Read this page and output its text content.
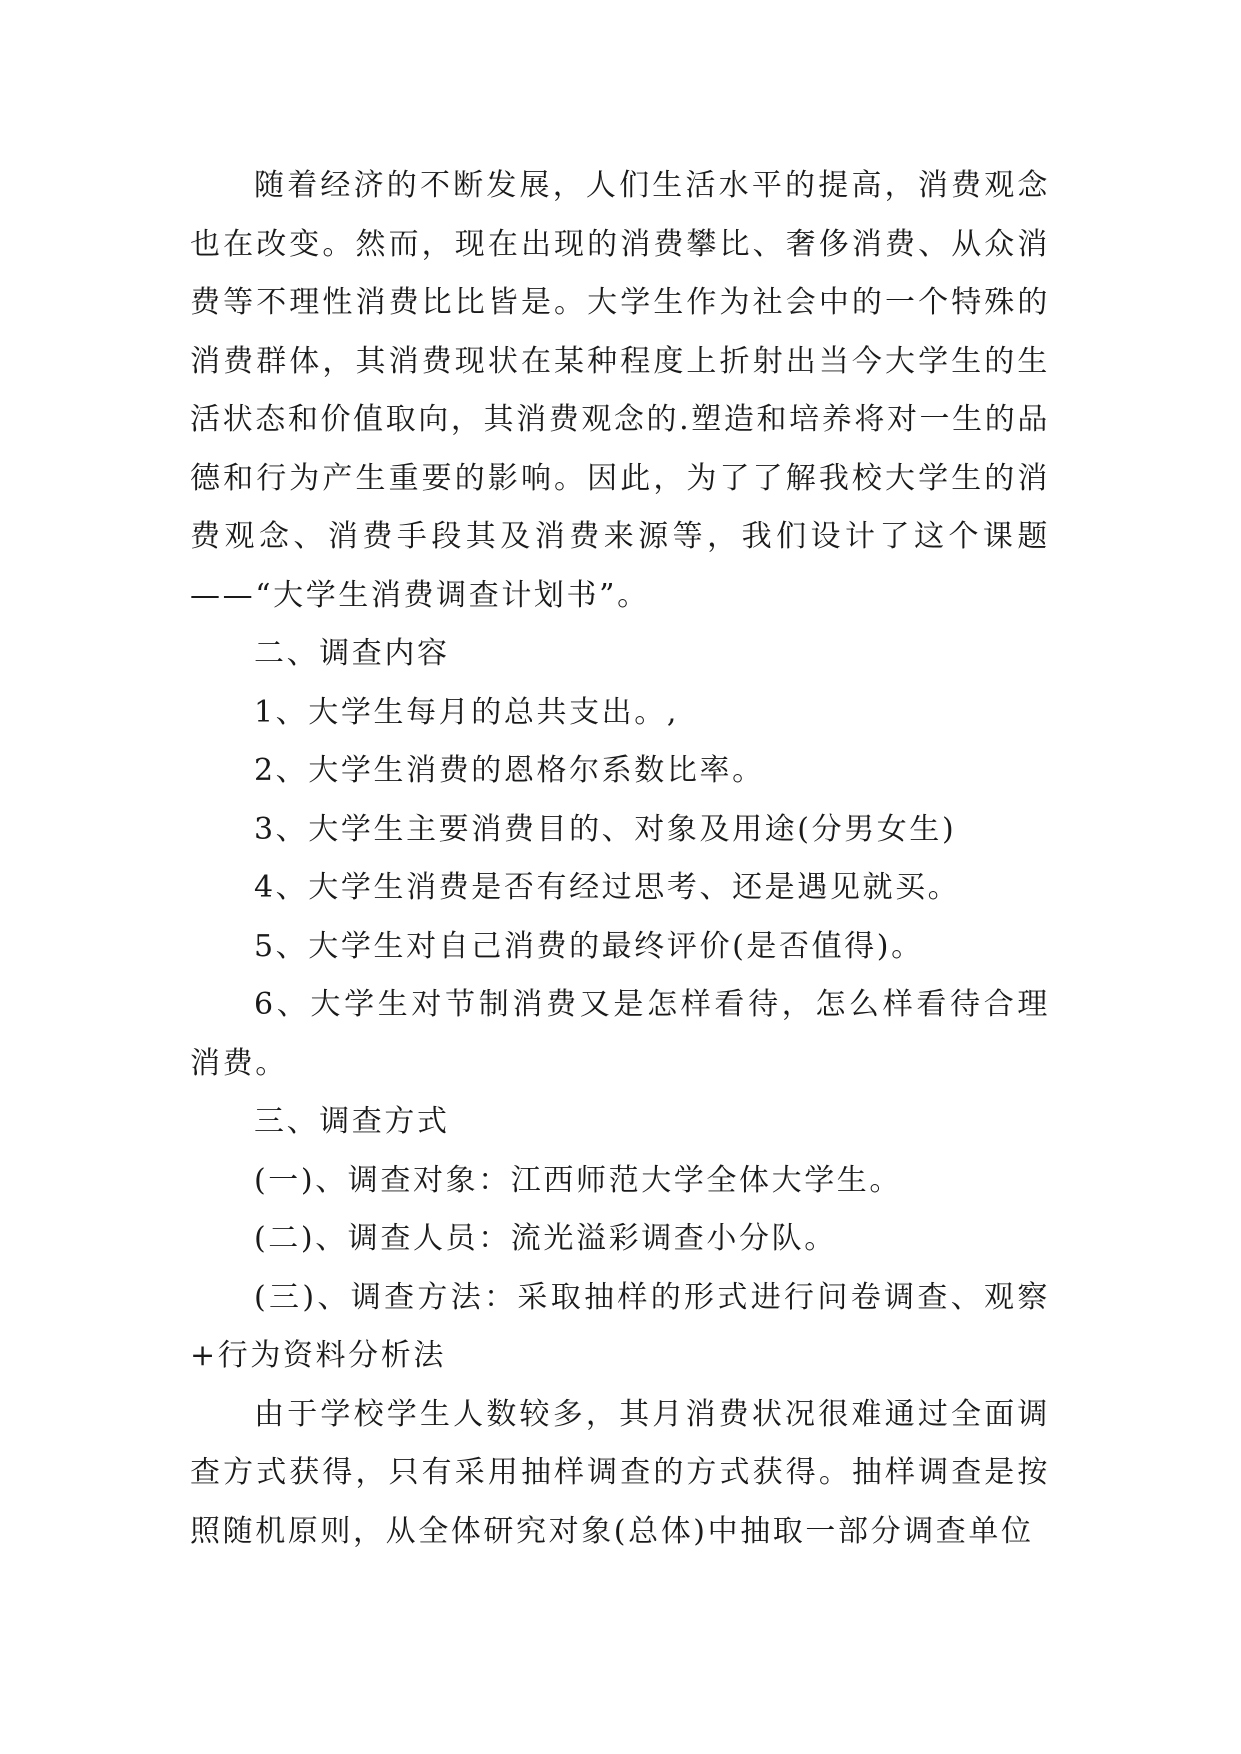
随着经济的不断发展，人们生活水平的提高，消费观念也在改变。然而，现在出现的消费攀比、奢侈消费、从众消费等不理性消费比比皆是。大学生作为社会中的一个特殊的消费群体，其消费现状在某种程度上折射出当今大学生的生活状态和价值取向，其消费观念的.塑造和培养将对一生的品德和行为产生重要的影响。因此，为了了解我校大学生的消费观念、消费手段其及消费来源等，我们设计了这个课题——“大学生消费调查计划书”。

二、调查内容

1、大学生每月的总共支出。,

2、大学生消费的恩格尔系数比率。

3、大学生主要消费目的、对象及用途(分男女生)

4、大学生消费是否有经过思考、还是遇见就买。

5、大学生对自己消费的最终评价(是否值得)。

6、大学生对节制消费又是怎样看待，怎么样看待合理消费。

三、调查方式

(一)、调查对象：江西师范大学全体大学生。

(二)、调查人员：流光溢彩调查小分队。

(三)、调查方法：采取抽样的形式进行问卷调查、观察+行为资料分析法

由于学校学生人数较多，其月消费状况很难通过全面调查方式获得，只有采用抽样调查的方式获得。抽样调查是按照随机原则，从全体研究对象(总体)中抽取一部分调查单位
